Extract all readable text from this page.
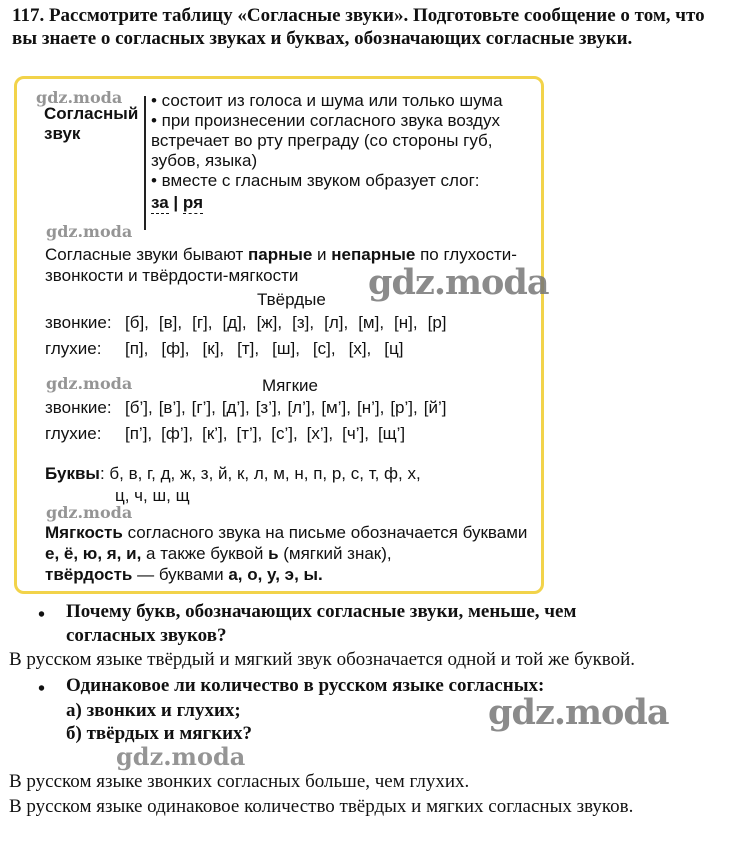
117. Рассмотрите таблицу «Согласные звуки». Подготовьте сообщение о том, что вы знаете о согласных звуках и буквах, обозначающих согласные звуки.
gdz.moda
Согласный
звук
• состоит из голоса и шума или только шума
• при произнесении согласного звука воздух встречает во рту преграду (со стороны губ, зубов, языка)
• вместе с гласным звуком образует слог:
за | ря
gdz.moda
Согласные звуки бывают парные и непарные по глухости-звонкости и твёрдости-мягкости	gdz.moda
Твёрдые
звонкие: [б], [в], [г], [д], [ж], [з], [л], [м], [н], [р]
глухие: [п], [ф], [к], [т], [ш], [с], [х], [ц]
gdz.moda	Мягкие
звонкие: [б’], [в’], [г’], [д’], [з’], [л’], [м’], [н’], [р’], [й’]
глухие: [п’], [ф’], [к’], [т’], [с’], [х’], [ч’], [щ’]
Буквы: б, в, г, д, ж, з, й, к, л, м, н, п, р, с, т, ф, х,
ц, ч, ш, щ
gdz.moda
Мягкость согласного звука на письме обозначается буквами е, ё, ю, я, и, а также буквой ь (мягкий знак),
твёрдость — буквами а, о, у, э, ы.
• Почему букв, обозначающих согласные звуки, меньше, чем согласных звуков?
В русском языке твёрдый и мягкий звук обозначается одной и той же буквой.
• Одинаковое ли количество в русском языке согласных:
а) звонких и глухих;
б) твёрдых и мягких?
gdz.moda
gdz.moda
В русском языке звонких согласных больше, чем глухих.
В русском языке одинаковое количество твёрдых и мягких согласных звуков.
